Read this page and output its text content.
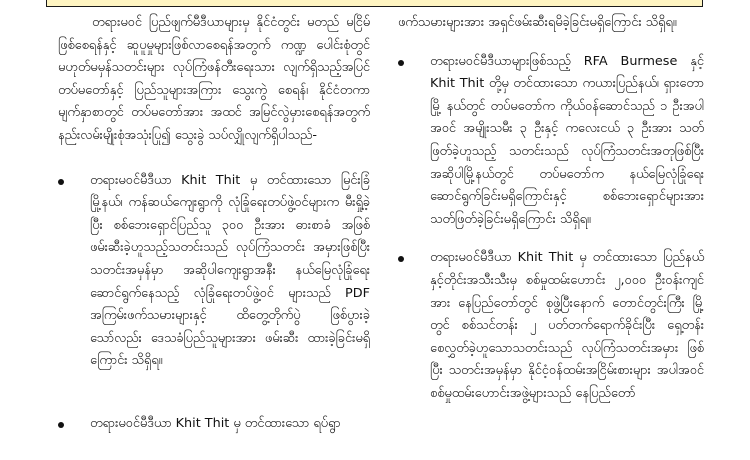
တရားမဝင် ပြည်ဖျက်မီဒီယာများမှ နိုင်ငံတွင်း မတည် မငြိမ်ဖြစ်စေရန်နှင့် ဆူပူမှုများဖြစ်လာစေရန်အတွက် ကဏ္ဍ ပေါင်းစုံတွင် မဟုတ်မမှန်သတင်းများ လုပ်ကြံဖန်တီးရေးသား လျက်ရှိသည့်အပြင် တပ်မတော်နှင့် ပြည်သူများအကြား သွေးကွဲ စေရန်၊ နိုင်ငံတကာမျက်နှာစာတွင် တပ်မတော်အား အထင် အမြင်လွဲမှားစေရန်အတွက် နည်းလမ်းမျိုးစုံအသုံးပြု၍ သွေးခွဲ သပ်လျှိုလျက်ရှိပါသည်-

တရားမဝင်မီဒီယာ Khit Thit မှ တင်ထားသော မြင်းခြံ မြို့နယ်၊ ကန်ဆယ်ကျေးရွာကို လုံခြုံရေးတပ်ဖွဲ့ဝင်များက မီးရှို့ခဲ့ပြီး စစ်ဘေးရှောင်ပြည်သူ ၃၀၀ ဦးအား ဓားစာခံ အဖြစ် ဖမ်းဆီးခဲ့ဟူသည့်သတင်းသည် လုပ်ကြံသတင်း အမှားဖြစ်ပြီး သတင်းအမှန်မှာ အဆိုပါကျေးရွာအနီး နယ်မြေလုံခြုံရေးဆောင်ရွက်နေသည့် လုံခြုံရေးတပ်ဖွဲ့ဝင် များသည် PDF အကြမ်းဖက်သမားများနှင့် ထိတွေ့တိုက်ပွဲ ဖြစ်ပွားခဲ့သော်လည်း ဒေသခံပြည်သူများအား ဖမ်းဆီး ထားခဲ့ခြင်းမရှိကြောင်း သိရှိရ။

တရားမဝင်မီဒီယာ Khit Thit မှ တင်ထားသော ရပ်ရွာ

ဖက်သမားများအား အရှင်ဖမ်းဆီးရမိခဲ့ခြင်းမရှိကြောင်း သိရှိရ။

တရားမဝင်မီဒီယာများဖြစ်သည့် RFA Burmese နှင့် Khit Thit တို့မှ တင်ထားသော ကယားပြည်နယ်၊ ရှားတောမြို့ နယ်တွင် တပ်မတော်က ကိုယ်ဝန်ဆောင်သည် ၁ ဦးအပါ အဝင် အမျိုးသမီး ၃ ဦးနှင့် ကလေးငယ် ၃ ဦးအား သတ် ဖြတ်ခဲ့ဟူသည့် သတင်းသည် လုပ်ကြံသတင်းအတုဖြစ်ပြီး အဆိုပါမြို့နယ်တွင် တပ်မတော်က နယ်မြေလုံခြုံရေး ဆောင်ရွက်ခြင်းမရှိကြောင်းနှင့် စစ်ဘေးရှောင်များအား သတ်ဖြတ်ခဲ့ခြင်းမရှိကြောင်း သိရှိရ။

တရားမဝင်မီဒီယာ Khit Thit မှ တင်ထားသော ပြည်နယ် နှင့်တိုင်းအသီးသီးမှ စစ်မှုထမ်းဟောင်း ၂,၀၀၀ ဦးဝန်းကျင် အား နေပြည်တော်တွင် စုဖွဲ့ပြီးနောက် တောင်တွင်းကြီး မြို့တွင် စစ်သင်တန်း ၂ ပတ်တက်ရောက်ခိုင်းပြီး ရှေ့တန်း စေလွှတ်ခဲ့ဟူသောသတင်းသည် လုပ်ကြံသတင်းအမှား ဖြစ်ပြီး သတင်းအမှန်မှာ နိုင်ငံ့ဝန်ထမ်းအငြိမ်းစားများ အပါအဝင် စစ်မှုထမ်းဟောင်းအဖွဲ့များသည် နေပြည်တော်
